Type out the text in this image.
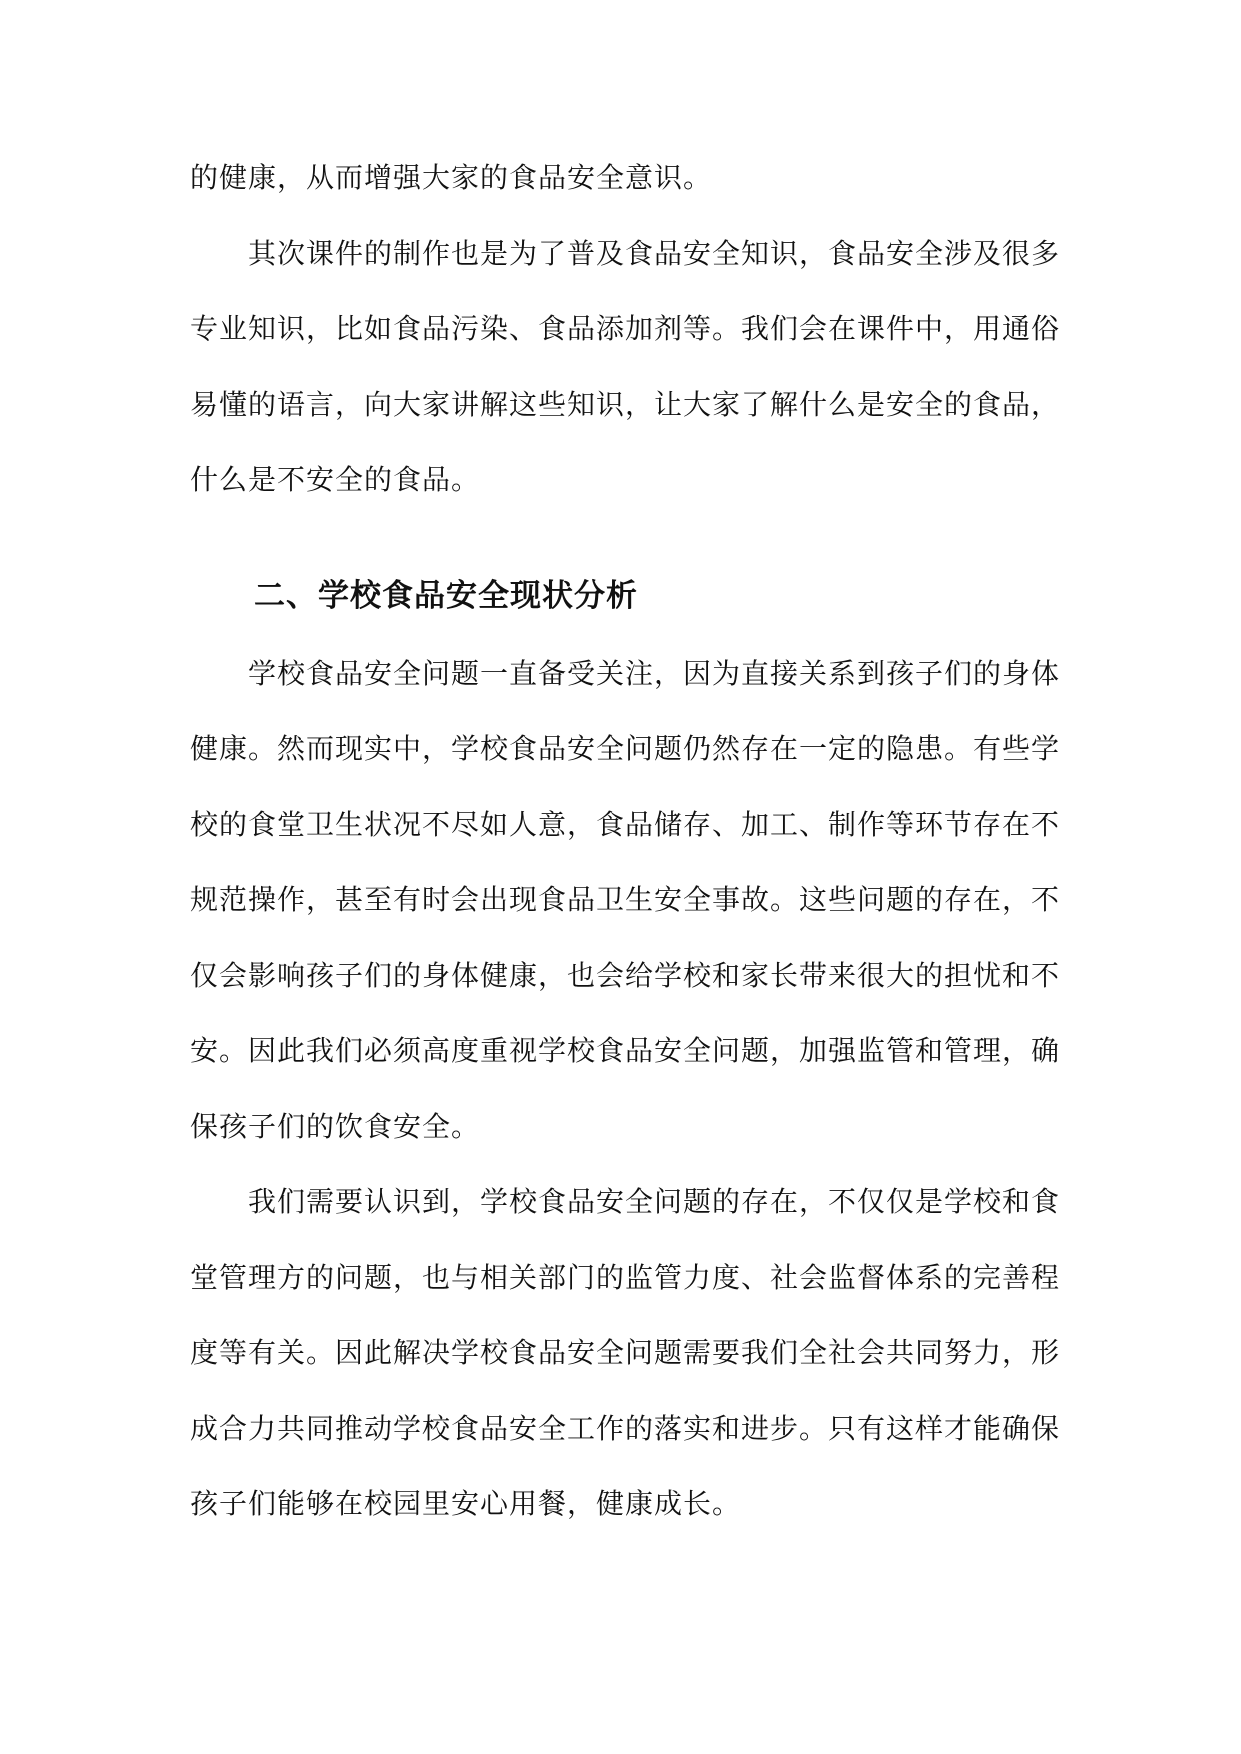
的健康，从而增强大家的食品安全意识。

其次课件的制作也是为了普及食品安全知识，食品安全涉及很多专业知识，比如食品污染、食品添加剂等。我们会在课件中，用通俗易懂的语言，向大家讲解这些知识，让大家了解什么是安全的食品，什么是不安全的食品。

二、学校食品安全现状分析

学校食品安全问题一直备受关注，因为直接关系到孩子们的身体健康。然而现实中，学校食品安全问题仍然存在一定的隐患。有些学校的食堂卫生状况不尽如人意，食品储存、加工、制作等环节存在不规范操作，甚至有时会出现食品卫生安全事故。这些问题的存在，不仅会影响孩子们的身体健康，也会给学校和家长带来很大的担忧和不安。因此我们必须高度重视学校食品安全问题，加强监管和管理，确保孩子们的饮食安全。

我们需要认识到，学校食品安全问题的存在，不仅仅是学校和食堂管理方的问题，也与相关部门的监管力度、社会监督体系的完善程度等有关。因此解决学校食品安全问题需要我们全社会共同努力，形成合力共同推动学校食品安全工作的落实和进步。只有这样才能确保孩子们能够在校园里安心用餐，健康成长。
